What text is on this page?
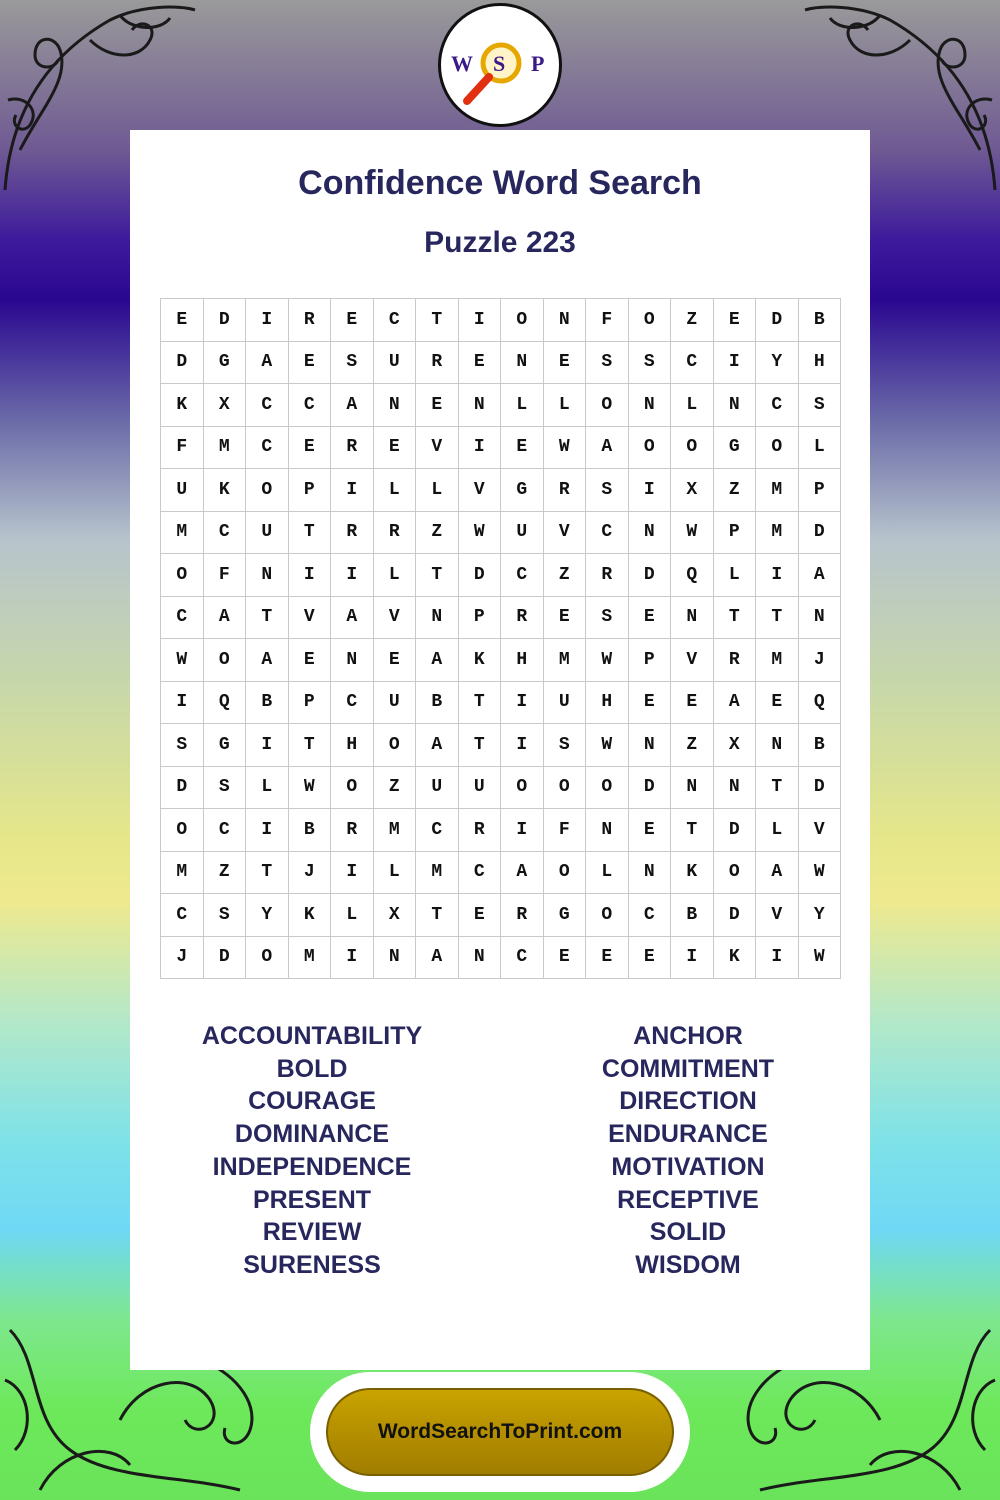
Confidence Word Search
Puzzle 223
E	D	I	R	E	C	T	I	O	N	F	O	Z	E	D	B
D	G	A	E	S	U	R	E	N	E	S	S	C	I	Y	H
K	X	C	C	A	N	E	N	L	L	O	N	L	N	C	S
F	M	C	E	R	E	V	I	E	W	A	O	O	G	O	L
U	K	O	P	I	L	L	V	G	R	S	I	X	Z	M	P
M	C	U	T	R	R	Z	W	U	V	C	N	W	P	M	D
O	F	N	I	I	L	T	D	C	Z	R	D	Q	L	I	A
C	A	T	V	A	V	N	P	R	E	S	E	N	T	T	N
W	O	A	E	N	E	A	K	H	M	W	P	V	R	M	J
I	Q	B	P	C	U	B	T	I	U	H	E	E	A	E	Q
S	G	I	T	H	O	A	T	I	S	W	N	Z	X	N	B
D	S	L	W	O	Z	U	U	O	O	O	D	N	N	T	D
O	C	I	B	R	M	C	R	I	F	N	E	T	D	L	V
M	Z	T	J	I	L	M	C	A	O	L	N	K	O	A	W
C	S	Y	K	L	X	T	E	R	G	O	C	B	D	V	Y
J	D	O	M	I	N	A	N	C	E	E	E	I	K	I	W
ACCOUNTABILITY
BOLD
COURAGE
DOMINANCE
INDEPENDENCE
PRESENT
REVIEW
SURENESS
ANCHOR
COMMITMENT
DIRECTION
ENDURANCE
MOTIVATION
RECEPTIVE
SOLID
WISDOM
W S P
WordSearchToPrint.com
